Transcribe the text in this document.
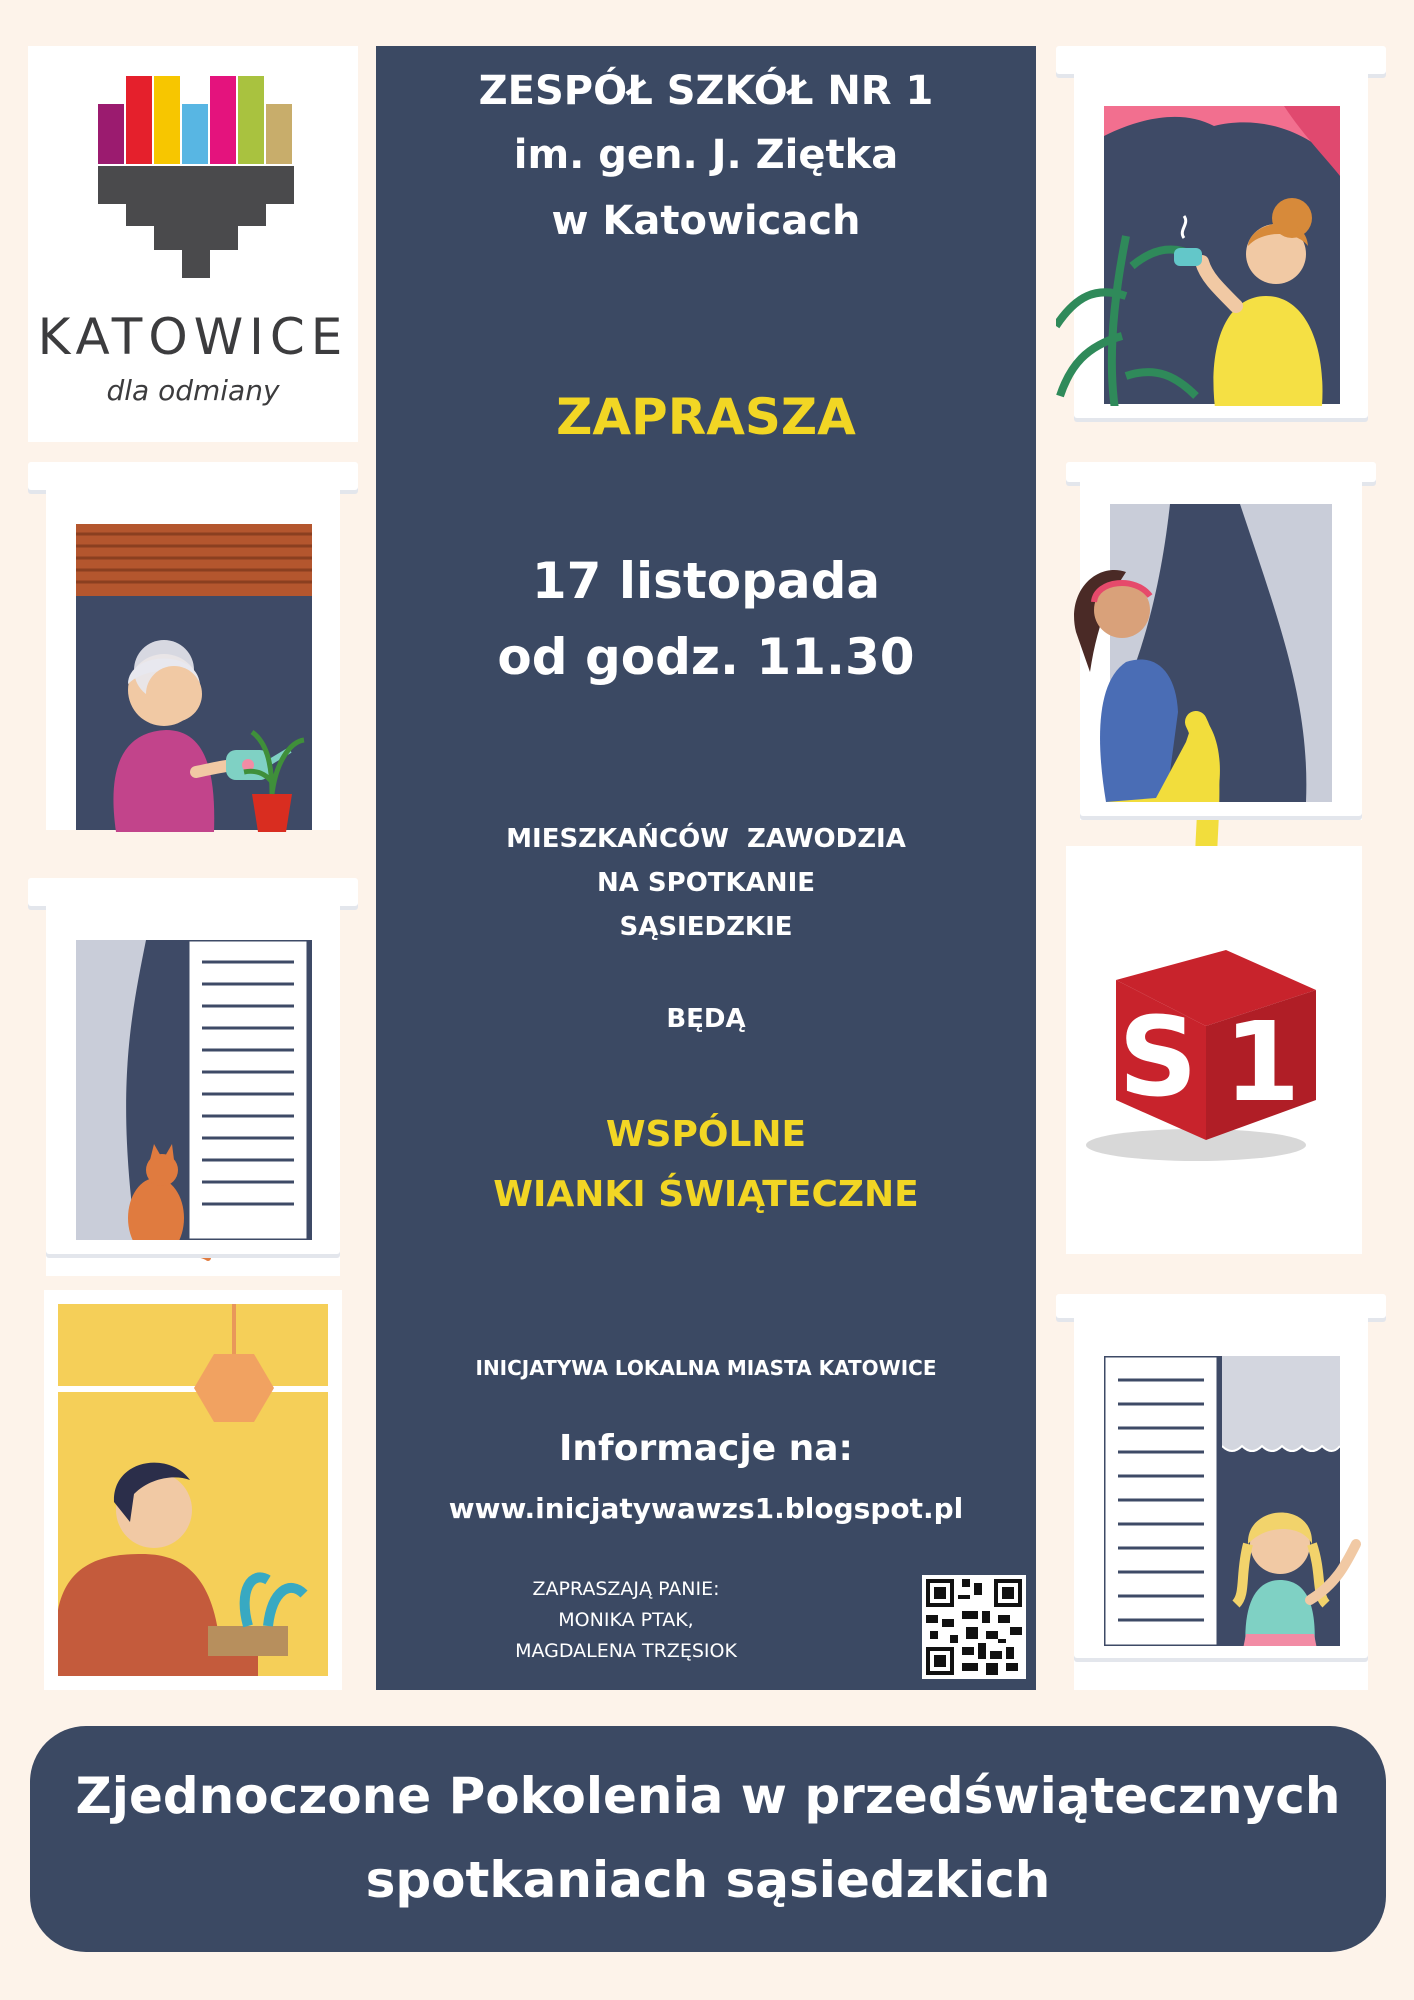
KATOWICE
dla odmiany
ZESPÓŁ SZKÓŁ NR 1
im. gen. J. Ziętka
w Katowicach
ZAPRASZA
17 listopada
od godz. 11.30
MIESZKAŃCÓW  ZAWODZIA
NA SPOTKANIE
SĄSIEDZKIE
BĘDĄ
WSPÓLNE
WIANKI ŚWIĄTECZNE
INICJATYWA LOKALNA MIASTA KATOWICE
Informacje na:
www.inicjatywawzs1.blogspot.pl
ZAPRASZAJĄ PANIE:
MONIKA PTAK,
MAGDALENA TRZĘSIOK
S 1
Zjednoczone Pokolenia w przedświątecznych
spotkaniach sąsiedzkich
